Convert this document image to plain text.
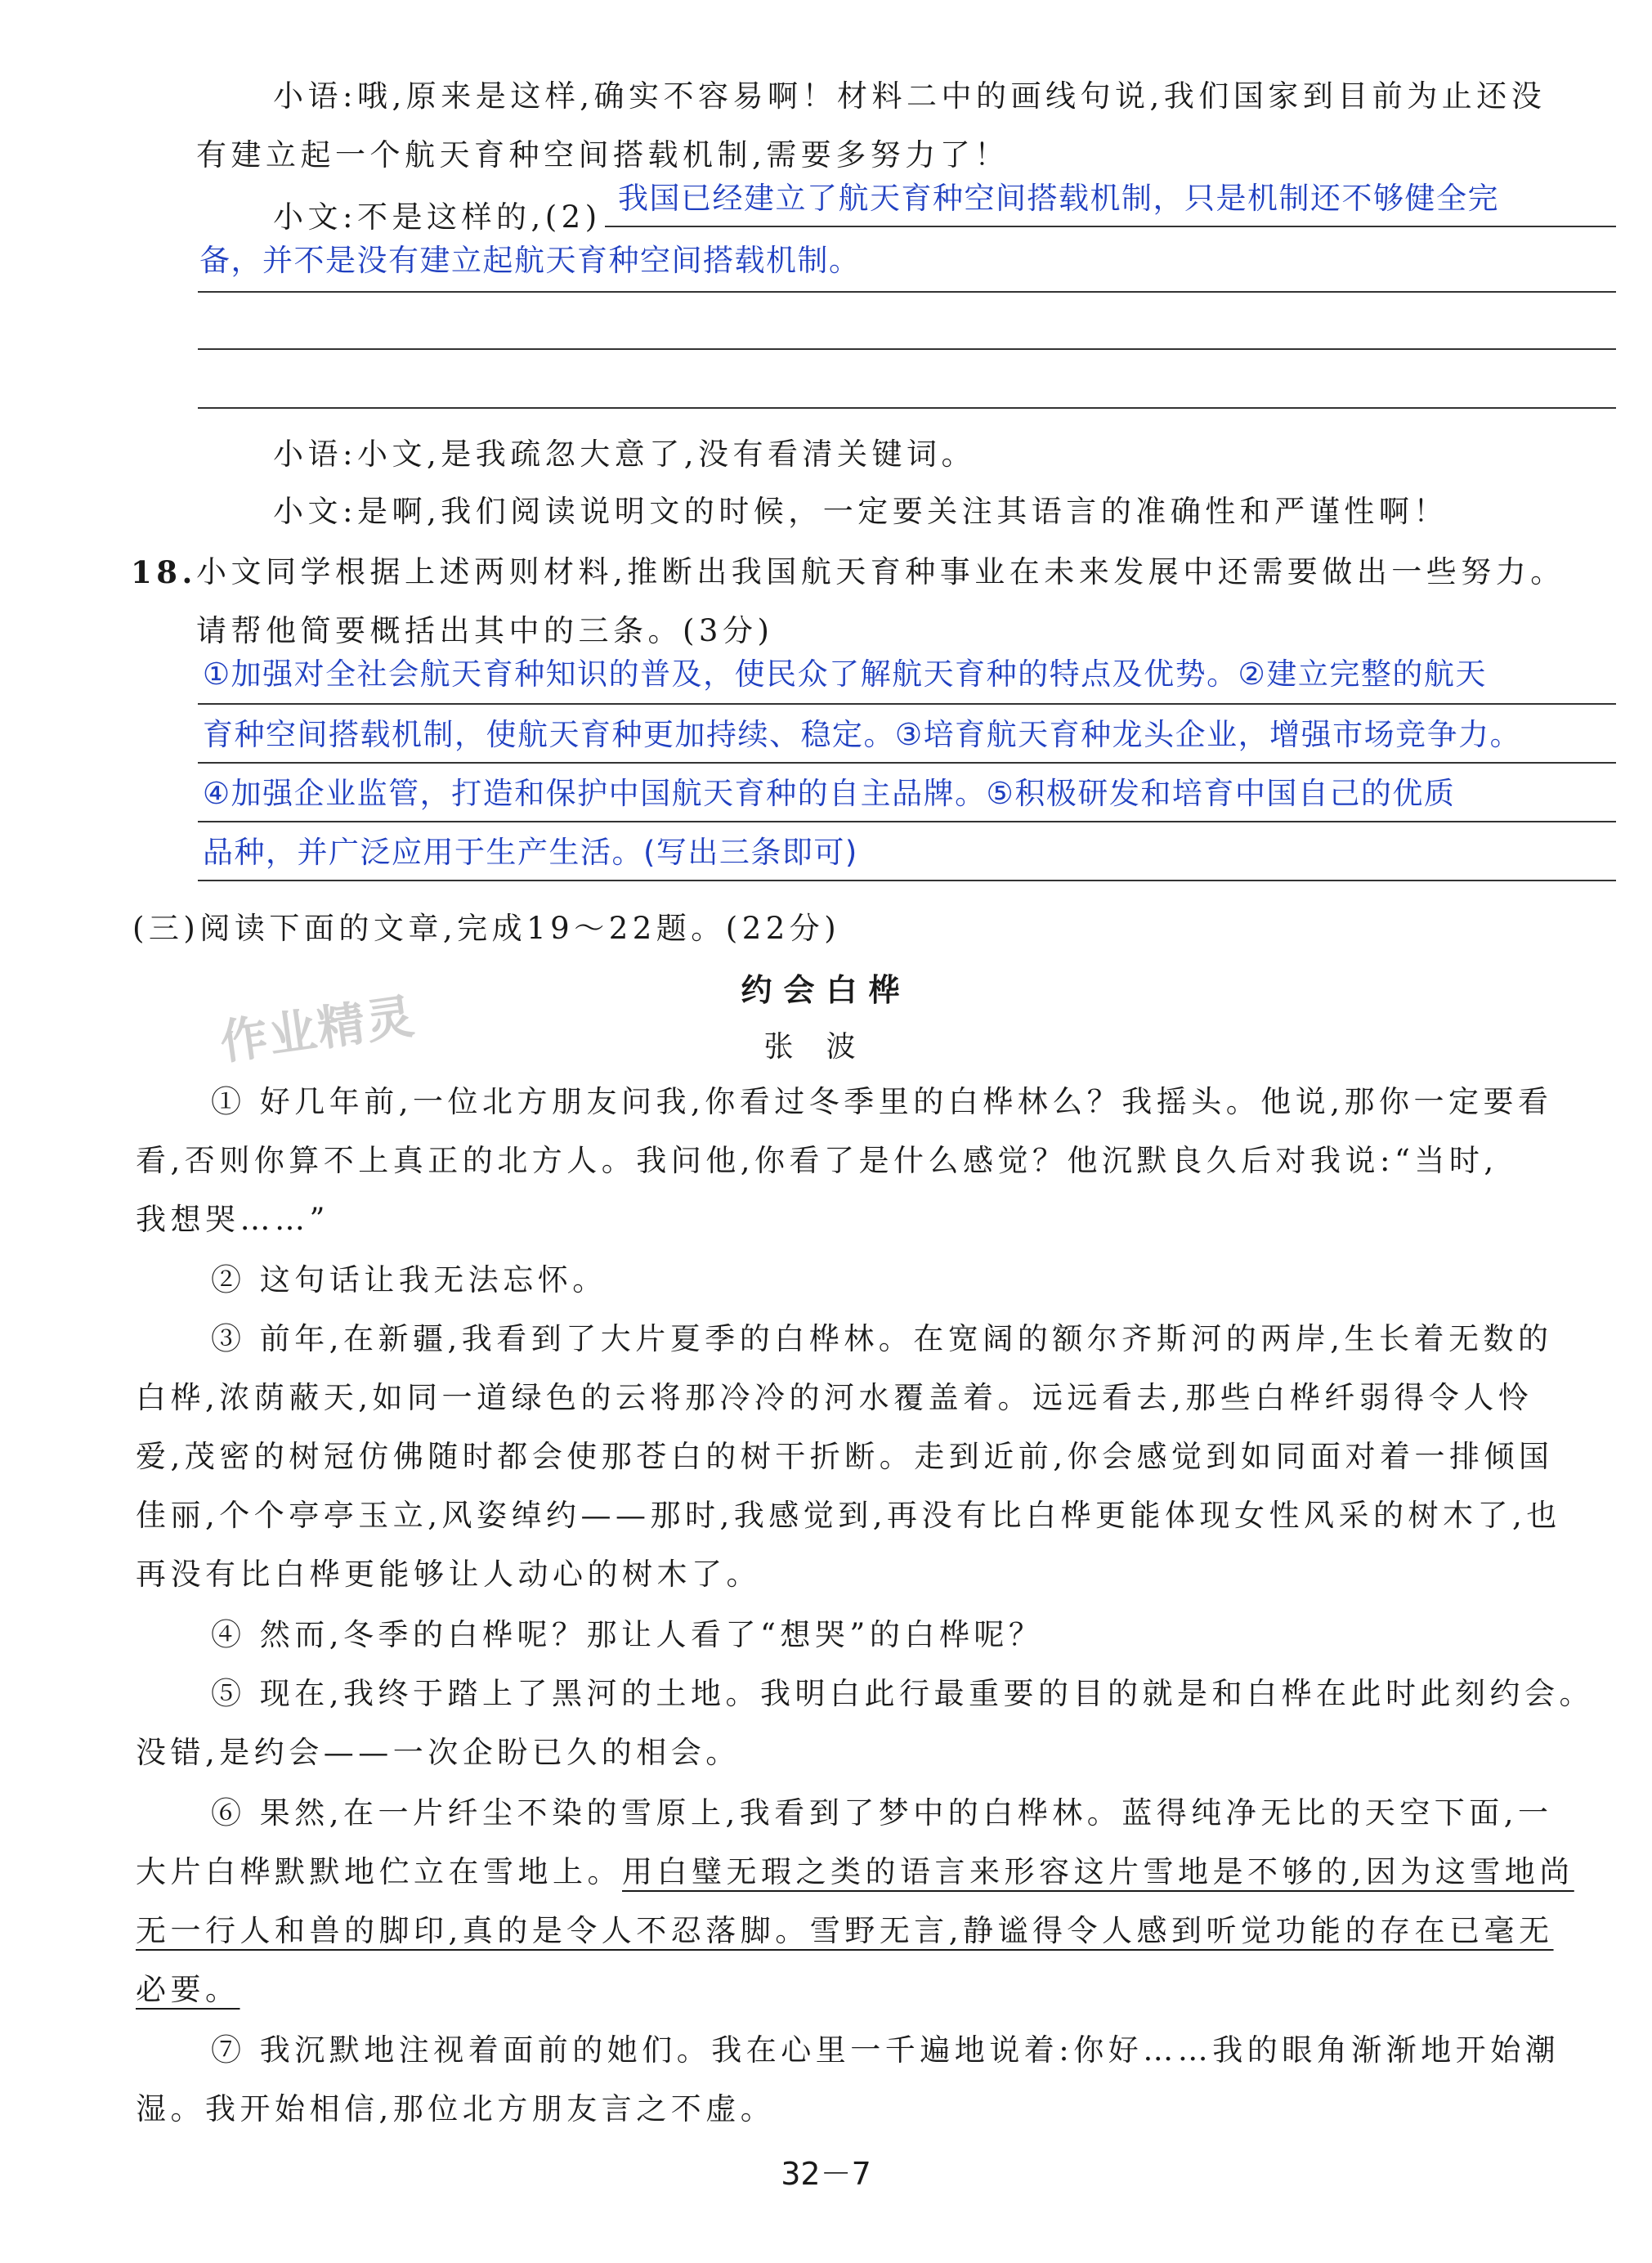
小语:哦,原来是这样,确实不容易啊！材料二中的画线句说,我们国家到目前为止还没
有建立起一个航天育种空间搭载机制,需要多努力了！
小文:不是这样的,(2)
我国已经建立了航天育种空间搭载机制，只是机制还不够健全完
备，并不是没有建立起航天育种空间搭载机制。
小语:小文,是我疏忽大意了,没有看清关键词。
小文:是啊,我们阅读说明文的时候，一定要关注其语言的准确性和严谨性啊！
18. 小文同学根据上述两则材料,推断出我国航天育种事业在未来发展中还需要做出一些努力。
请帮他简要概括出其中的三条。(3分)
①加强对全社会航天育种知识的普及，使民众了解航天育种的特点及优势。②建立完整的航天
育种空间搭载机制，使航天育种更加持续、稳定。③培育航天育种龙头企业，增强市场竞争力。
④加强企业监管，打造和保护中国航天育种的自主品牌。⑤积极研发和培育中国自己的优质
品种，并广泛应用于生产生活。(写出三条即可)
(三)阅读下面的文章,完成19～22题。(22分)
作业精灵	约会白桦
张波
① 好几年前,一位北方朋友问我,你看过冬季里的白桦林么？我摇头。他说,那你一定要看
看,否则你算不上真正的北方人。我问他,你看了是什么感觉？他沉默良久后对我说:“当时,
我想哭……”
② 这句话让我无法忘怀。
③ 前年,在新疆,我看到了大片夏季的白桦林。在宽阔的额尔齐斯河的两岸,生长着无数的
白桦,浓荫蔽天,如同一道绿色的云将那冷冷的河水覆盖着。远远看去,那些白桦纤弱得令人怜
爱,茂密的树冠仿佛随时都会使那苍白的树干折断。走到近前,你会感觉到如同面对着一排倾国
佳丽,个个亭亭玉立,风姿绰约——那时,我感觉到,再没有比白桦更能体现女性风采的树木了,也
再没有比白桦更能够让人动心的树木了。
④ 然而,冬季的白桦呢？那让人看了“想哭”的白桦呢？
⑤ 现在,我终于踏上了黑河的土地。我明白此行最重要的目的就是和白桦在此时此刻约会。
没错,是约会——一次企盼已久的相会。
⑥ 果然,在一片纤尘不染的雪原上,我看到了梦中的白桦林。蓝得纯净无比的天空下面,一
大片白桦默默地伫立在雪地上。用白璧无瑕之类的语言来形容这片雪地是不够的,因为这雪地尚
无一行人和兽的脚印,真的是令人不忍落脚。雪野无言,静谧得令人感到听觉功能的存在已毫无
必要。
⑦ 我沉默地注视着面前的她们。我在心里一千遍地说着:你好……我的眼角渐渐地开始潮
湿。我开始相信,那位北方朋友言之不虚。
32－7
